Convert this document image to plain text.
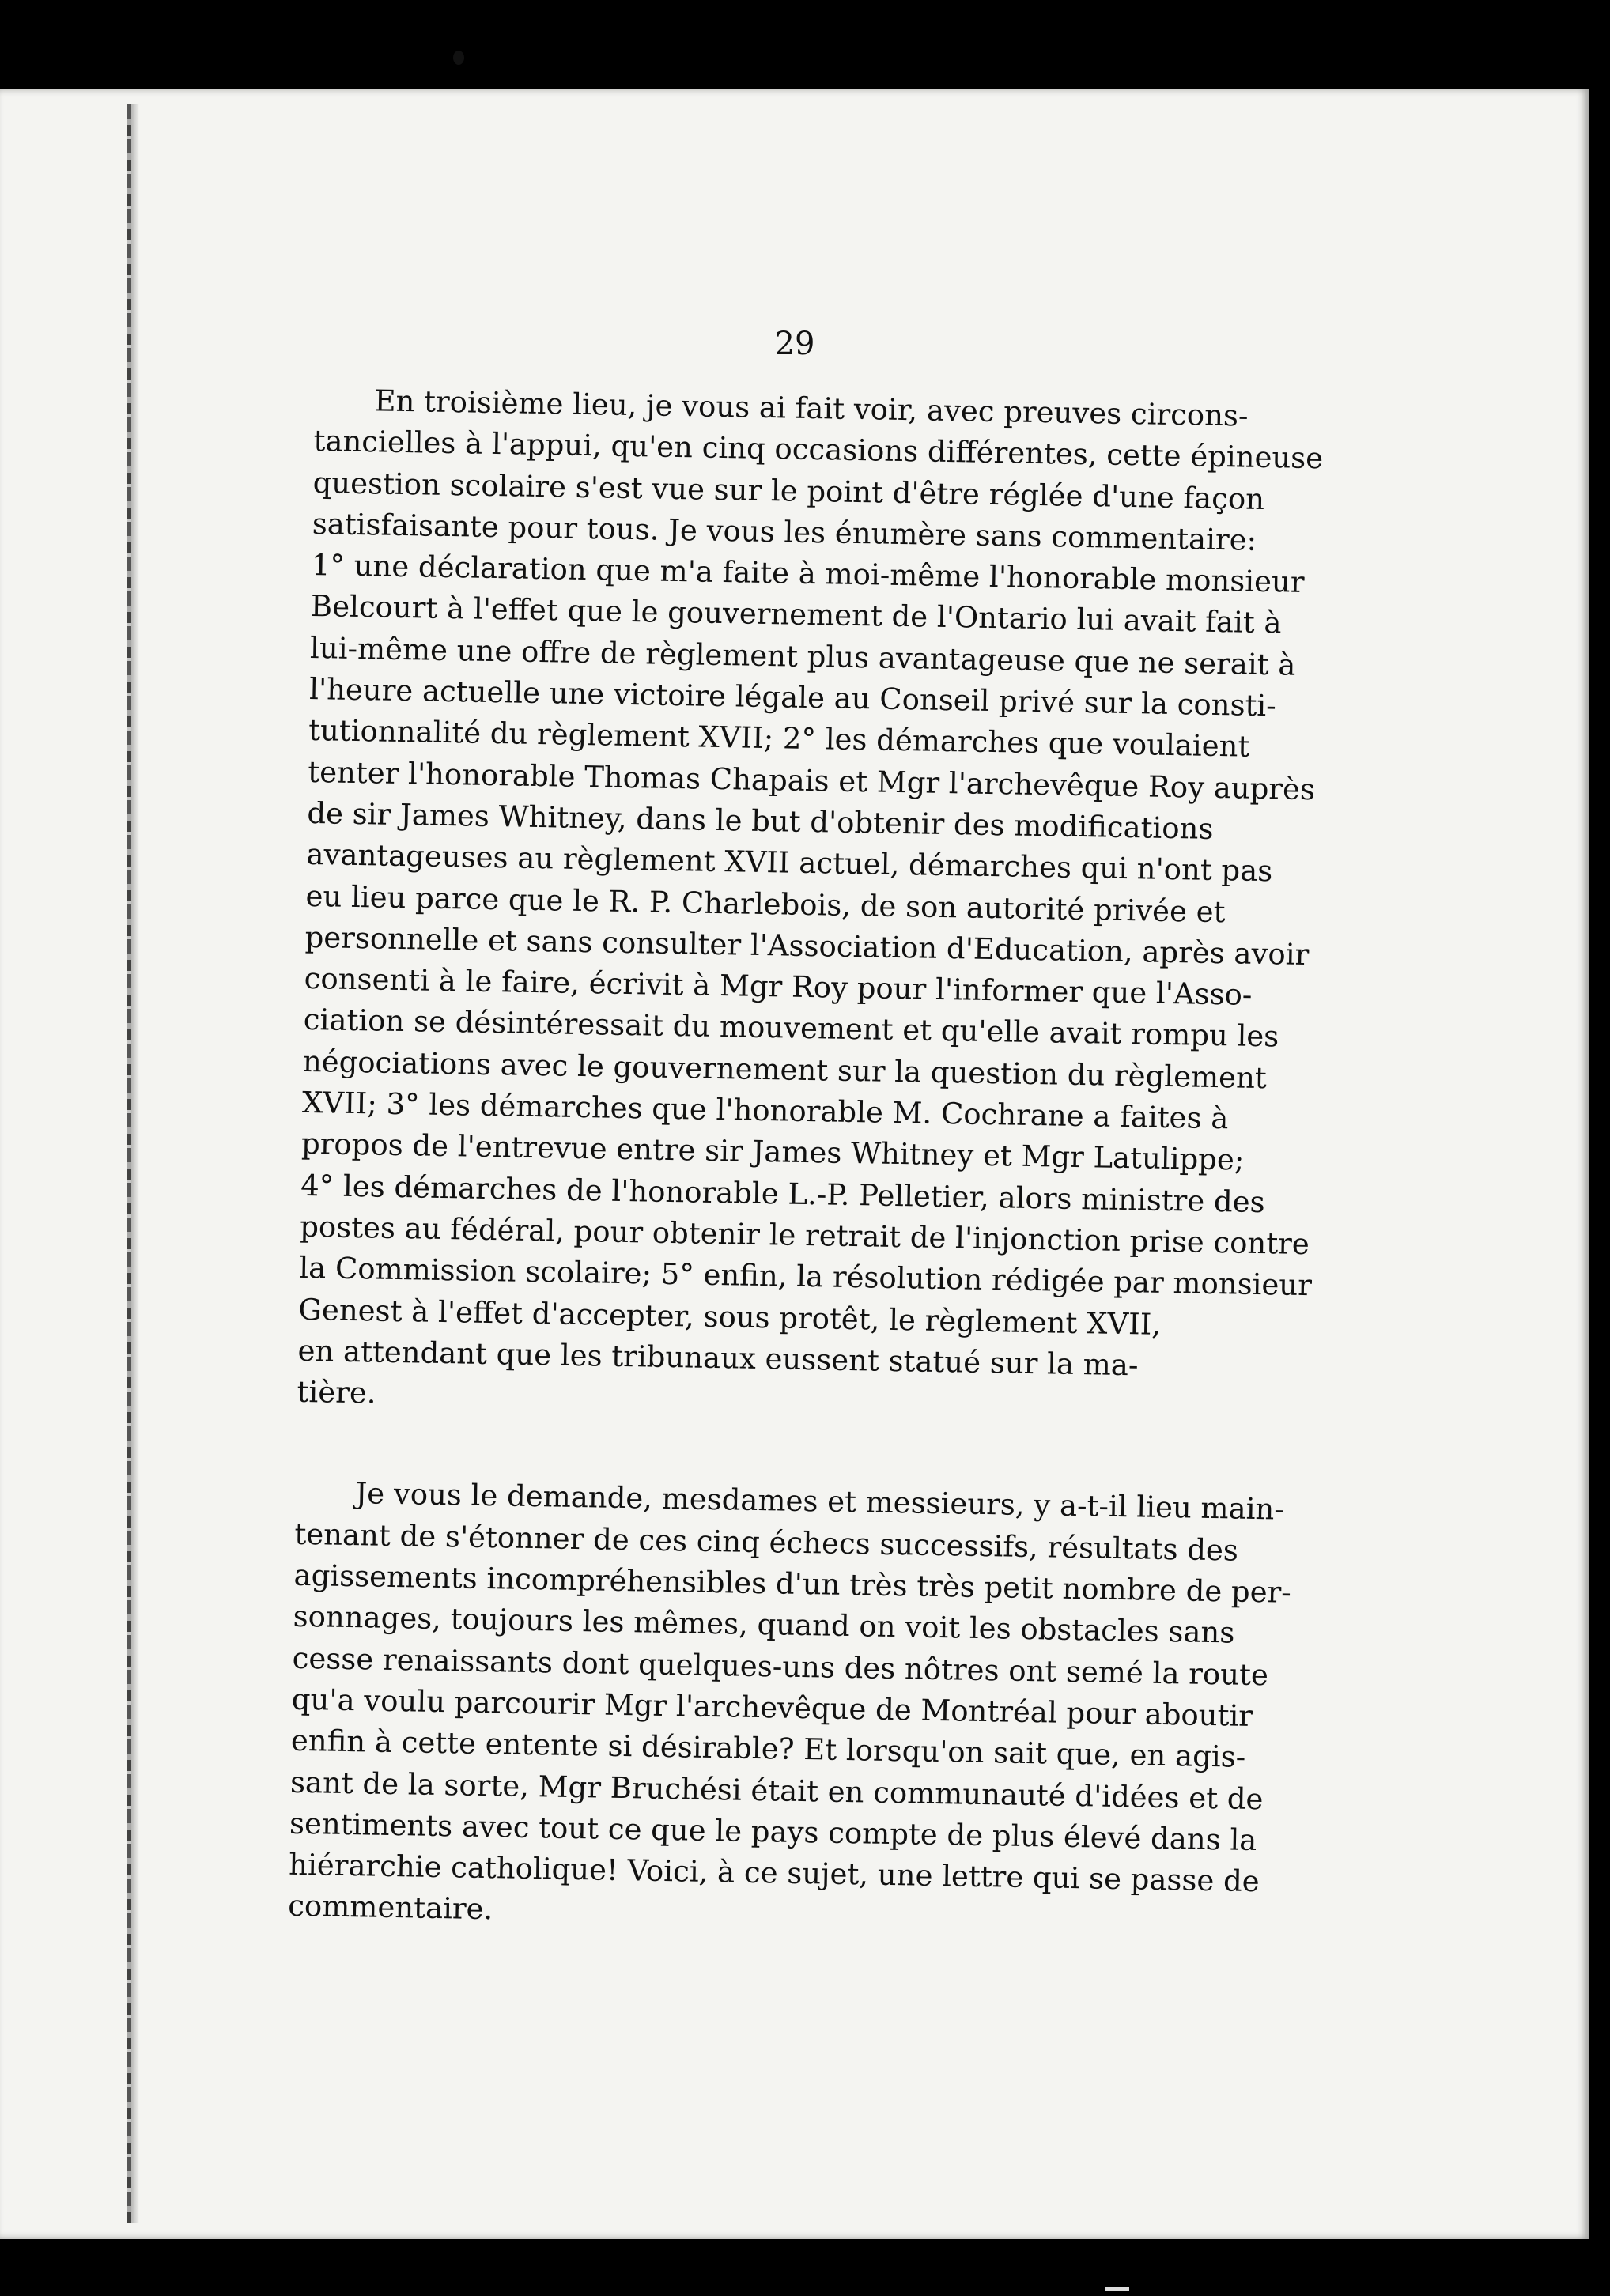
29

En troisième lieu, je vous ai fait voir, avec preuves circons-
tancielles à l'appui, qu'en cinq occasions différentes, cette épineuse
question scolaire s'est vue sur le point d'être réglée d'une façon
satisfaisante pour tous. Je vous les énumère sans commentaire:
1° une déclaration que m'a faite à moi-même l'honorable monsieur
Belcourt à l'effet que le gouvernement de l'Ontario lui avait fait à
lui-même une offre de règlement plus avantageuse que ne serait à
l'heure actuelle une victoire légale au Conseil privé sur la consti-
tutionnalité du règlement XVII; 2° les démarches que voulaient
tenter l'honorable Thomas Chapais et Mgr l'archevêque Roy auprès
de sir James Whitney, dans le but d'obtenir des modifications
avantageuses au règlement XVII actuel, démarches qui n'ont pas
eu lieu parce que le R. P. Charlebois, de son autorité privée et
personnelle et sans consulter l'Association d'Education, après avoir
consenti à le faire, écrivit à Mgr Roy pour l'informer que l'Asso-
ciation se désintéressait du mouvement et qu'elle avait rompu les
négociations avec le gouvernement sur la question du règlement
XVII; 3° les démarches que l'honorable M. Cochrane a faites à
propos de l'entrevue entre sir James Whitney et Mgr Latulippe;
4° les démarches de l'honorable L.-P. Pelletier, alors ministre des
postes au fédéral, pour obtenir le retrait de l'injonction prise contre
la Commission scolaire; 5° enfin, la résolution rédigée par monsieur
Genest à l'effet d'accepter, sous protêt, le règlement XVII,
en attendant que les tribunaux eussent statué sur la ma-
tière.

Je vous le demande, mesdames et messieurs, y a-t-il lieu main-
tenant de s'étonner de ces cinq échecs successifs, résultats des
agissements incompréhensibles d'un très très petit nombre de per-
sonnages, toujours les mêmes, quand on voit les obstacles sans
cesse renaissants dont quelques-uns des nôtres ont semé la route
qu'a voulu parcourir Mgr l'archevêque de Montréal pour aboutir
enfin à cette entente si désirable? Et lorsqu'on sait que, en agis-
sant de la sorte, Mgr Bruchési était en communauté d'idées et de
sentiments avec tout ce que le pays compte de plus élevé dans la
hiérarchie catholique! Voici, à ce sujet, une lettre qui se passe de
commentaire.
